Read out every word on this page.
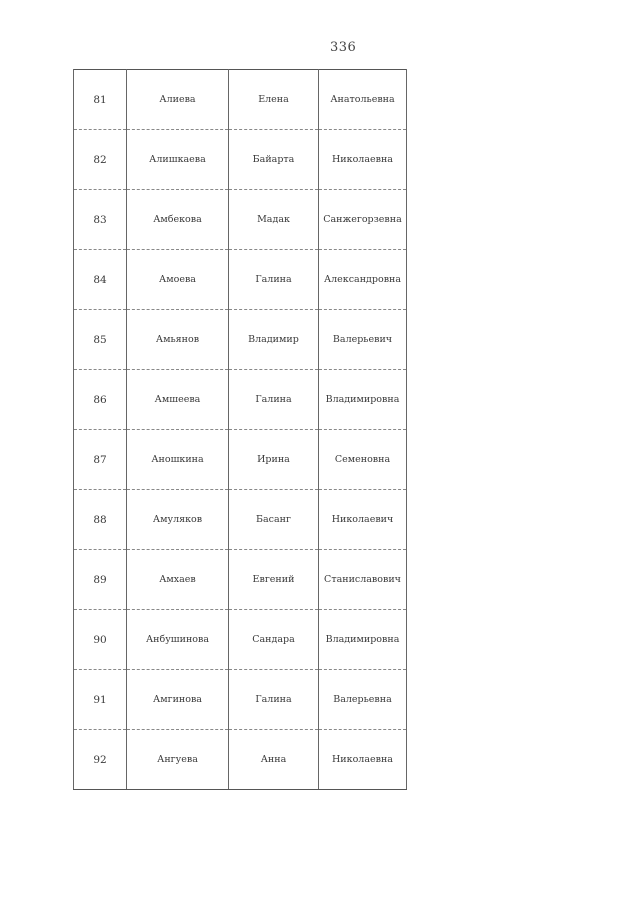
336
81	Алиева	Елена	Анатольевна
82	Алишкаева	Байарта	Николаевна
83	Амбекова	Мадак	Санжегорзевна
84	Амоева	Галина	Александровна
85	Амьянов	Владимир	Валерьевич
86	Амшеева	Галина	Владимировна
87	Аношкина	Ирина	Семеновна
88	Амуляков	Басанг	Николаевич
89	Амхаев	Евгений	Станиславович
90	Анбушинова	Сандара	Владимировна
91	Амгинова	Галина	Валерьевна
92	Ангуева	Анна	Николаевна
